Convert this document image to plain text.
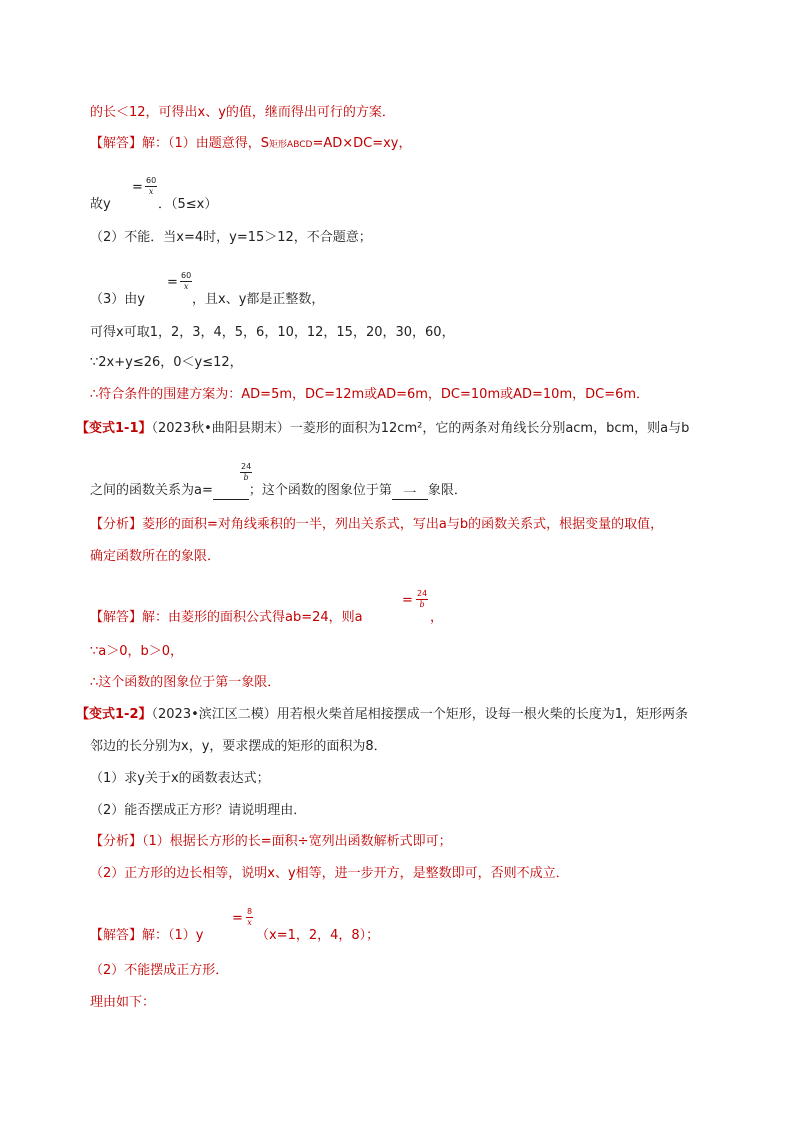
的长＜12，可得出x、y的值，继而得出可行的方案．
【解答】解：（1）由题意得，S矩形ABCD=AD×DC=xy，
故y
= $\frac{60}{x}$
．（5≤x）
（2）不能．当x=4时，y=15＞12，不合题意；
（3）由y
= $\frac{60}{x}$
，且x、y都是正整数，
可得x可取1，2，3，4，5，6，10，12，15，20，30，60，
∵2x+y≤26，0＜y≤12，
∴符合条件的围建方案为：AD=5m，DC=12m或AD=6m，DC=10m或AD=10m，DC=6m．
【变式1-1】（2023秋•曲阳县期末）一菱形的面积为12cm²，它的两条对角线长分别acm，bcm，则a与b
之间的函数关系为a=	；这个函数的图象位于第 一 象限．
$\frac{24}{b}$
【分析】菱形的面积=对角线乘积的一半，列出关系式，写出a与b的函数关系式，根据变量的取值，
确定函数所在的象限．
【解答】解：由菱形的面积公式得ab=24，则a
= $\frac{24}{b}$
，
∵a＞0，b＞0，
∴这个函数的图象位于第一象限．
【变式1-2】（2023•滨江区二模）用若根火柴首尾相接摆成一个矩形，设每一根火柴的长度为1，矩形两条
邻边的长分别为x，y，要求摆成的矩形的面积为8．
（1）求y关于x的函数表达式；
（2）能否摆成正方形？请说明理由．
【分析】（1）根据长方形的长=面积÷宽列出函数解析式即可；
（2）正方形的边长相等，说明x、y相等，进一步开方，是整数即可，否则不成立．
【解答】解：（1）y
= $\frac{8}{x}$
（x=1，2，4，8）；
（2）不能摆成正方形．
理由如下：
